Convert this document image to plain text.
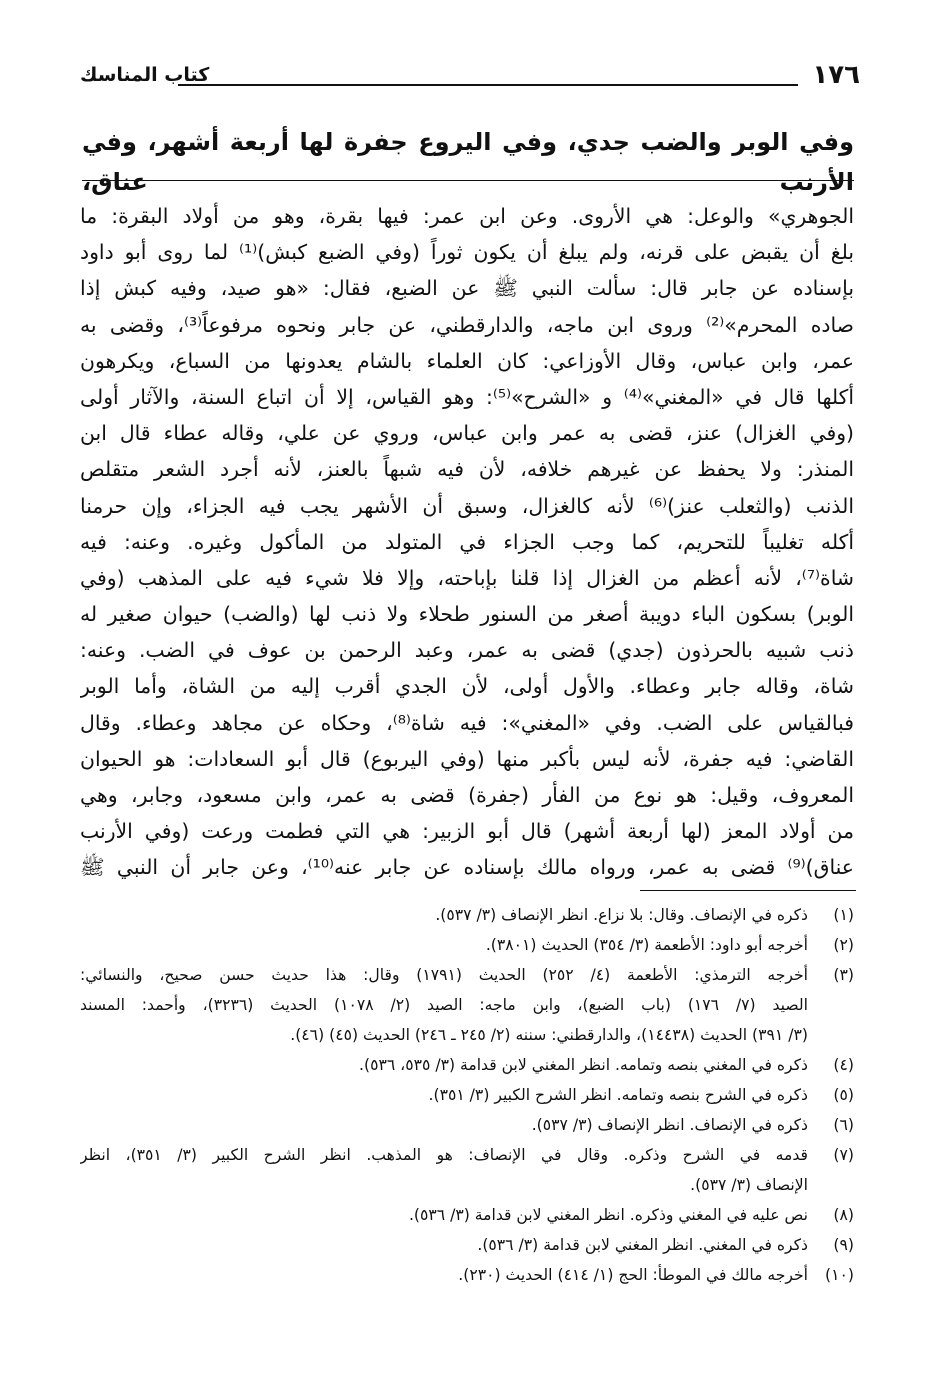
١٧٦
كتاب المناسك
وفي الوبر والضب جدي، وفي اليروع جفرة لها أربعة أشهر، وفي الأرنب عناق،

الجوهري» والوعل: هي الأروى. وعن ابن عمر: فيها بقرة، وهو من أولاد البقرة: ما

بلغ أن يقبض على قرنه، ولم يبلغ أن يكون ثوراً (وفي الضبع كبش)⁽¹⁾ لما روى أبو داود

بإسناده عن جابر قال: سألت النبي ﷺ عن الضبع، فقال: «هو صيد، وفيه كبش إذا

صاده المحرم»⁽²⁾ وروى ابن ماجه، والدارقطني، عن جابر ونحوه مرفوعاً⁽³⁾، وقضى به

عمر، وابن عباس، وقال الأوزاعي: كان العلماء بالشام يعدونها من السباع، ويكرهون

أكلها قال في «المغني»⁽⁴⁾ و «الشرح»⁽⁵⁾: وهو القياس، إلا أن اتباع السنة، والآثار أولى

(وفي الغزال) عنز، قضى به عمر وابن عباس، وروي عن علي، وقاله عطاء قال ابن

المنذر: ولا يحفظ عن غيرهم خلافه، لأن فيه شبهاً بالعنز، لأنه أجرد الشعر متقلص

الذنب (والثعلب عنز)⁽⁶⁾ لأنه كالغزال، وسبق أن الأشهر يجب فيه الجزاء، وإن حرمنا

أكله تغليباً للتحريم، كما وجب الجزاء في المتولد من المأكول وغيره. وعنه: فيه

شاة⁽⁷⁾، لأنه أعظم من الغزال إذا قلنا بإباحته، وإلا فلا شيء فيه على المذهب (وفي

الوبر) بسكون الباء دويبة أصغر من السنور طحلاء ولا ذنب لها (والضب) حيوان صغير له

ذنب شبيه بالحرذون (جدي) قضى به عمر، وعبد الرحمن بن عوف في الضب. وعنه:

شاة، وقاله جابر وعطاء. والأول أولى، لأن الجدي أقرب إليه من الشاة، وأما الوبر

فبالقياس على الضب. وفي «المغني»: فيه شاة⁽⁸⁾، وحكاه عن مجاهد وعطاء. وقال

القاضي: فيه جفرة، لأنه ليس بأكبر منها (وفي اليربوع) قال أبو السعادات: هو الحيوان

المعروف، وقيل: هو نوع من الفأر (جفرة) قضى به عمر، وابن مسعود، وجابر، وهي

من أولاد المعز (لها أربعة أشهر) قال أبو الزبير: هي التي فطمت ورعت (وفي الأرنب

عناق)⁽⁹⁾ قضى به عمر، ورواه مالك بإسناده عن جابر عنه⁽¹⁰⁾، وعن جابر أن النبي ﷺ

(١)
ذكره في الإنصاف. وقال: بلا نزاع. انظر الإنصاف (٣/ ٥٣٧).
(٢)
أخرجه أبو داود: الأطعمة (٣/ ٣٥٤) الحديث (٣٨٠١).
(٣)
أخرجه الترمذي: الأطعمة (٤/ ٢٥٢) الحديث (١٧٩١) وقال: هذا حديث حسن صحيح، والنسائي:
الصيد (٧/ ١٧٦) (باب الضبع)، وابن ماجه: الصيد (٢/ ١٠٧٨) الحديث (٣٢٣٦)، وأحمد: المسند
(٣/ ٣٩١) الحديث (١٤٤٣٨)، والدارقطني: سننه (٢/ ٢٤٥ ـ ٢٤٦) الحديث (٤٥) (٤٦).
(٤)
ذكره في المغني بنصه وتمامه. انظر المغني لابن قدامة (٣/ ٥٣٥، ٥٣٦).
(٥)
ذكره في الشرح بنصه وتمامه. انظر الشرح الكبير (٣/ ٣٥١).
(٦)
ذكره في الإنصاف. انظر الإنصاف (٣/ ٥٣٧).
(٧)
قدمه في الشرح وذكره. وقال في الإنصاف: هو المذهب. انظر الشرح الكبير (٣/ ٣٥١)، انظر
الإنصاف (٣/ ٥٣٧).
(٨)
نص عليه في المغني وذكره. انظر المغني لابن قدامة (٣/ ٥٣٦).
(٩)
ذكره في المغني. انظر المغني لابن قدامة (٣/ ٥٣٦).
(١٠)
أخرجه مالك في الموطأ: الحج (١/ ٤١٤) الحديث (٢٣٠).
